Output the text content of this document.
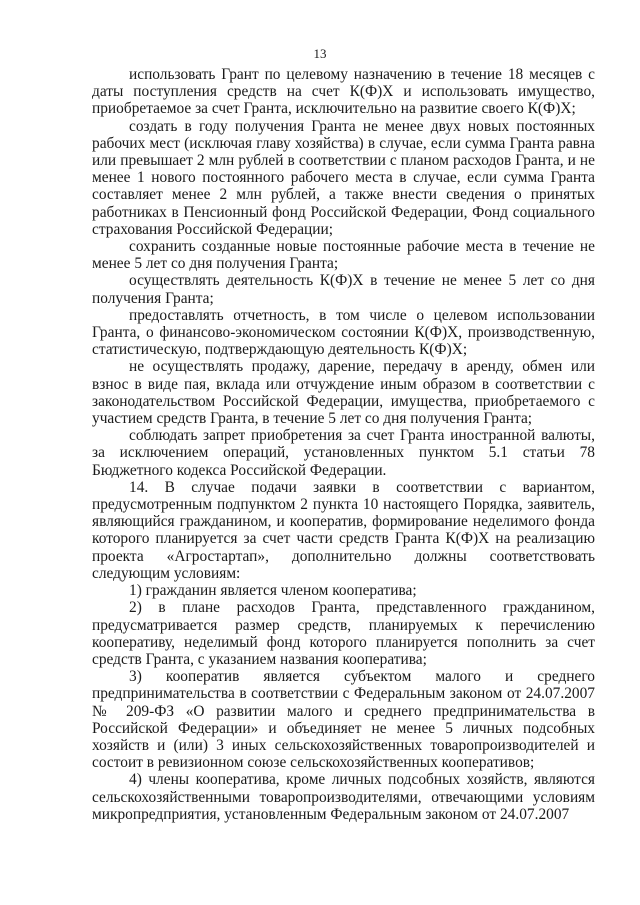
13

использовать Грант по целевому назначению в течение 18 месяцев с даты поступления средств на счет К(Ф)Х и использовать имущество, приобретаемое за счет Гранта, исключительно на развитие своего К(Ф)Х;

создать в году получения Гранта не менее двух новых постоянных рабочих мест (исключая главу хозяйства) в случае, если сумма Гранта равна или превышает 2 млн рублей в соответствии с планом расходов Гранта, и не менее 1 нового постоянного рабочего места в случае, если сумма Гранта составляет менее 2 млн рублей, а также внести сведения о принятых работниках в Пенсионный фонд Российской Федерации, Фонд социального страхования Российской Федерации;

сохранить созданные новые постоянные рабочие места в течение не менее 5 лет со дня получения Гранта;

осуществлять деятельность К(Ф)Х в течение не менее 5 лет со дня получения Гранта;

предоставлять отчетность, в том числе о целевом использовании Гранта, о финансово-экономическом состоянии К(Ф)Х, производственную, статистическую, подтверждающую деятельность К(Ф)Х;

не осуществлять продажу, дарение, передачу в аренду, обмен или взнос в виде пая, вклада или отчуждение иным образом в соответствии с законодательством Российской Федерации, имущества, приобретаемого с участием средств Гранта, в течение 5 лет со дня получения Гранта;

соблюдать запрет приобретения за счет Гранта иностранной валюты, за исключением операций, установленных пунктом 5.1 статьи 78 Бюджетного кодекса Российской Федерации.

14. В случае подачи заявки в соответствии с вариантом, предусмотренным подпунктом 2 пункта 10 настоящего Порядка, заявитель, являющийся гражданином, и кооператив, формирование неделимого фонда которого планируется за счет части средств Гранта К(Ф)Х на реализацию проекта «Агростартап», дополнительно должны соответствовать следующим условиям:

1) гражданин является членом кооператива;

2) в плане расходов Гранта, представленного гражданином, предусматривается размер средств, планируемых к перечислению кооперативу, неделимый фонд которого планируется пополнить за счет средств Гранта, с указанием названия кооператива;

3) кооператив является субъектом малого и среднего предпринимательства в соответствии с Федеральным законом от 24.07.2007 № 209-ФЗ «О развитии малого и среднего предпринимательства в Российской Федерации» и объединяет не менее 5 личных подсобных хозяйств и (или) 3 иных сельскохозяйственных товаропроизводителей и состоит в ревизионном союзе сельскохозяйственных кооперативов;

4) члены кооператива, кроме личных подсобных хозяйств, являются сельскохозяйственными товаропроизводителями, отвечающими условиям микропредприятия, установленным Федеральным законом от 24.07.2007
